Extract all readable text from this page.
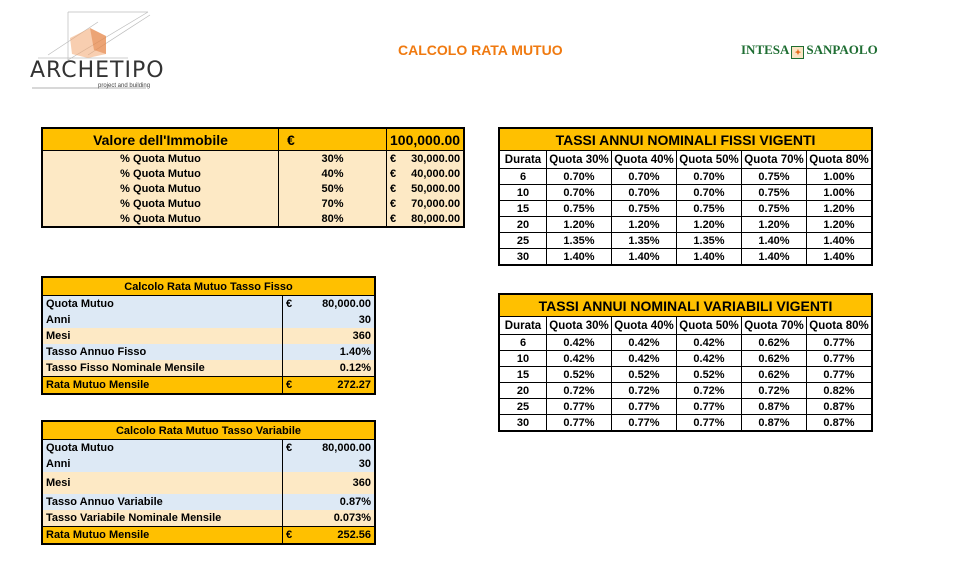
ARCHETIPO
project and building
CALCOLO RATA MUTUO	INTESA ✦ SANPAOLO
Valore dell'Immobile	€	100,000.00
% Quota Mutuo	30%	€ 30,000.00

% Quota Mutuo	40%	€ 40,000.00

% Quota Mutuo	50%	€ 50,000.00

% Quota Mutuo	70%	€ 70,000.00

% Quota Mutuo	80%	€ 80,000.00
Calcolo Rata Mutuo Tasso Fisso	
Quota Mutuo	€ 80,000.00
Anni	30
Mesi	360
Tasso Annuo Fisso	1.40%
Tasso Fisso Nominale Mensile	0.12%
Rata Mutuo Mensile	€ 272.27
Calcolo Rata Mutuo Tasso Variabile	
Quota Mutuo	€ 80,000.00
Anni	30
Mesi	360
Tasso Annuo Variabile	0.87%
Tasso Variabile Nominale Mensile	0.073%
Rata Mutuo Mensile	€ 252.56
TASSI ANNUI NOMINALI FISSI VIGENTI					
Durata	Quota 30%	Quota 40%	Quota 50%	Quota 70%	Quota 80%
6	0.70%	0.70%	0.70%	0.75%	1.00%
10	0.70%	0.70%	0.70%	0.75%	1.00%
15	0.75%	0.75%	0.75%	0.75%	1.20%
20	1.20%	1.20%	1.20%	1.20%	1.20%
25	1.35%	1.35%	1.35%	1.40%	1.40%
30	1.40%	1.40%	1.40%	1.40%	1.40%
TASSI ANNUI NOMINALI VARIABILI VIGENTI					
Durata	Quota 30%	Quota 40%	Quota 50%	Quota 70%	Quota 80%
6	0.42%	0.42%	0.42%	0.62%	0.77%
10	0.42%	0.42%	0.42%	0.62%	0.77%
15	0.52%	0.52%	0.52%	0.62%	0.77%
20	0.72%	0.72%	0.72%	0.72%	0.82%
25	0.77%	0.77%	0.77%	0.87%	0.87%
30	0.77%	0.77%	0.77%	0.87%	0.87%
